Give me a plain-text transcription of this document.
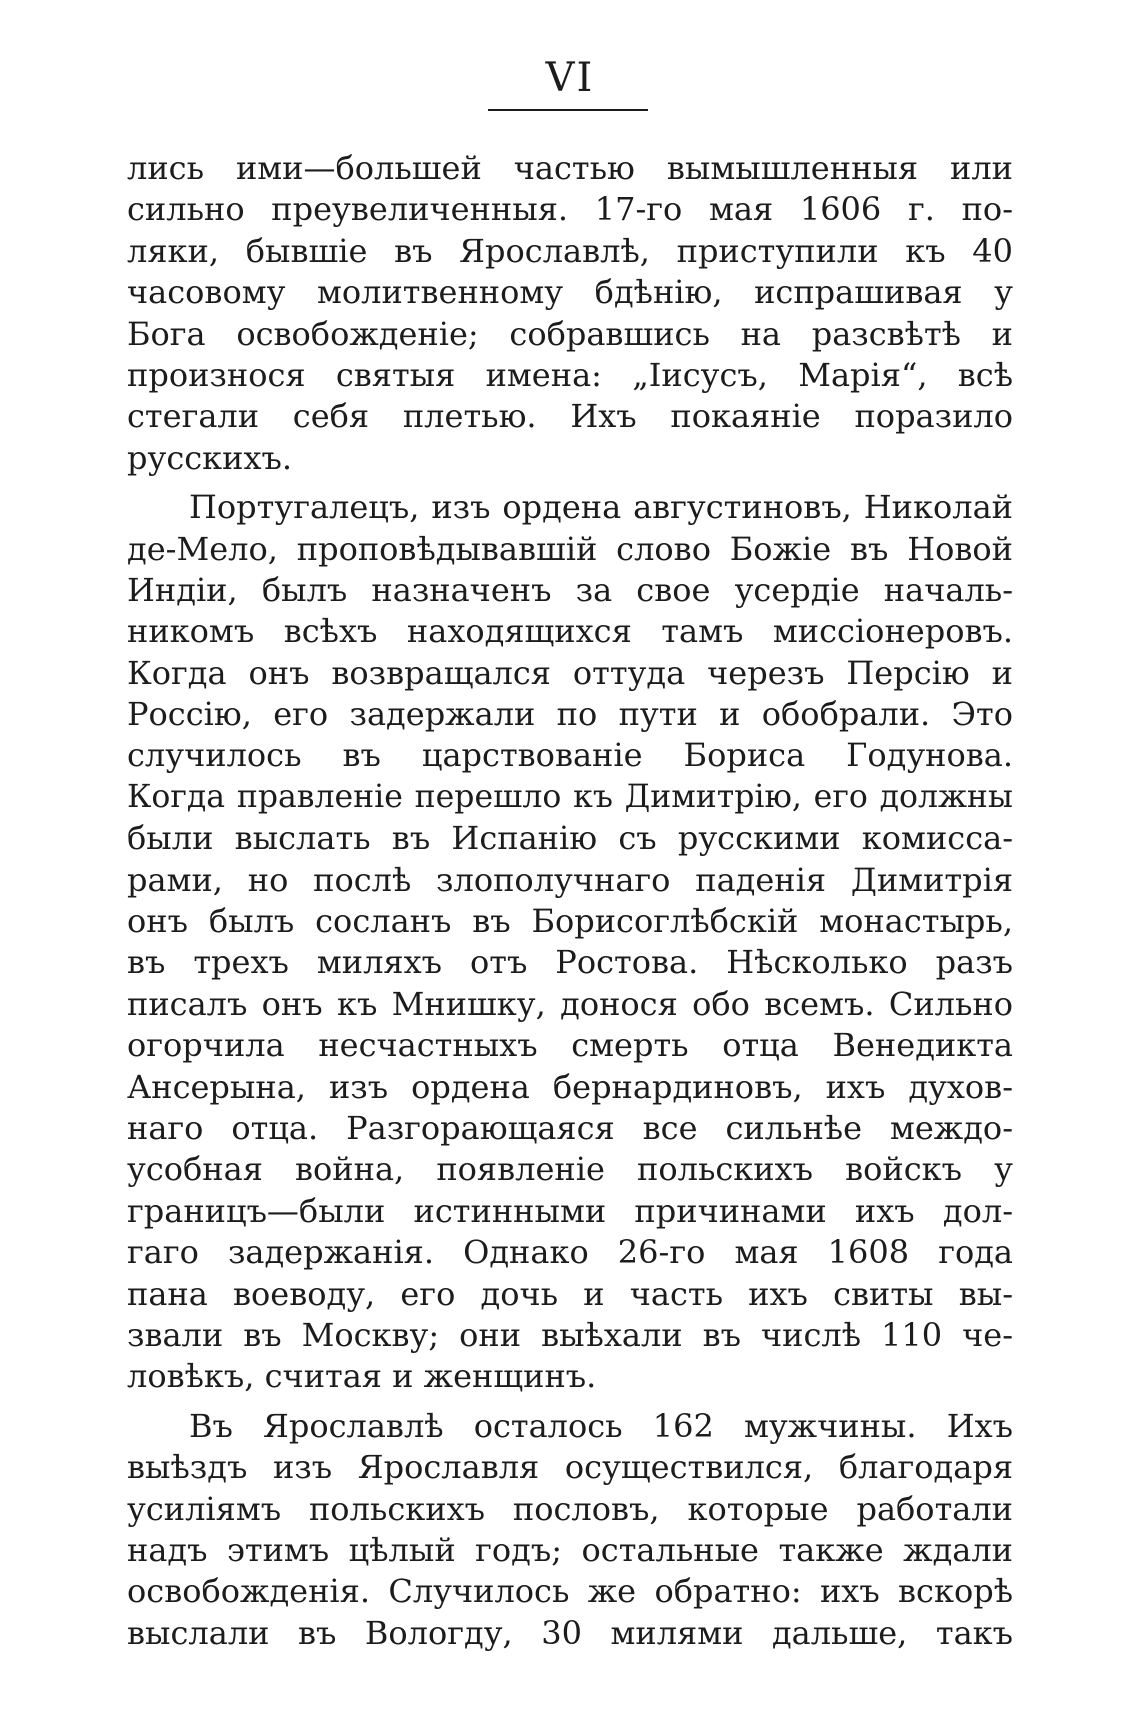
VI
лись ими—большей частью вымышленныя или
сильно преувеличенныя. 17-го мая 1606 г. по-
ляки, бывшіе въ Ярославлѣ, приступили къ 40
часовому молитвенному бдѣнію, испрашивая у
Бога освобожденіе; собравшись на разсвѣтѣ и
произнося святыя имена: „Іисусъ, Марія“, всѣ
стегали себя плетью. Ихъ покаяніе поразило
русскихъ.
Португалецъ, изъ ордена августиновъ, Николай
де-Мело, проповѣдывавшій слово Божіе въ Новой
Индіи, былъ назначенъ за свое усердіе началь-
никомъ всѣхъ находящихся тамъ миссіонеровъ.
Когда онъ возвращался оттуда черезъ Персію и
Россію, его задержали по пути и обобрали. Это
случилось въ царствованіе Бориса Годунова.
Когда правленіе перешло къ Димитрію, его должны
были выслать въ Испанію съ русскими комисса-
рами, но послѣ злополучнаго паденія Димитрія
онъ былъ сосланъ въ Борисоглѣбскій монастырь,
въ трехъ миляхъ отъ Ростова. Нѣсколько разъ
писалъ онъ къ Мнишку, донося обо всемъ. Сильно
огорчила несчастныхъ смерть отца Венедикта
Ансерына, изъ ордена бернардиновъ, ихъ духов-
наго отца. Разгорающаяся все сильнѣе междо-
усобная война, появленіе польскихъ войскъ у
границъ—были истинными причинами ихъ дол-
гаго задержанія. Однако 26-го мая 1608 года
пана воеводу, его дочь и часть ихъ свиты вы-
звали въ Москву; они выѣхали въ числѣ 110 че-
ловѣкъ, считая и женщинъ.
Въ Ярославлѣ осталось 162 мужчины. Ихъ
выѣздъ изъ Ярославля осуществился, благодаря
усиліямъ польскихъ пословъ, которые работали
надъ этимъ цѣлый годъ; остальные также ждали
освобожденія. Случилось же обратно: ихъ вскорѣ
выслали въ Вологду, 30 милями дальше, такъ
